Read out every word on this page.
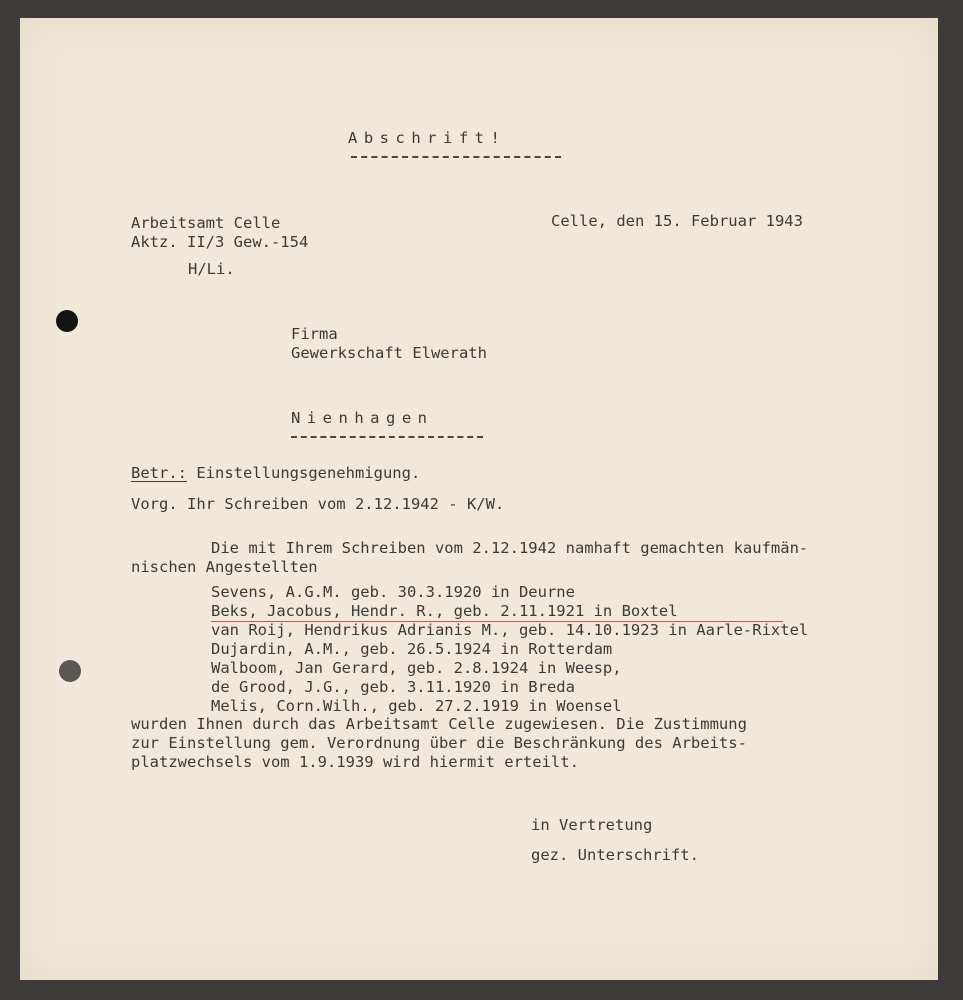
Abschrift!
Arbeitsamt Celle
Aktz. II/3 Gew.-154
H/Li.
Celle, den 15. Februar 1943
Firma
Gewerkschaft Elwerath
Nienhagen
Betr.: Einstellungsgenehmigung.
Vorg. Ihr Schreiben vom 2.12.1942 - K/W.
Die mit Ihrem Schreiben vom 2.12.1942 namhaft gemachten kaufmän-
nischen Angestellten
Sevens, A.G.M. geb. 30.3.1920 in Deurne
Beks, Jacobus, Hendr. R., geb. 2.11.1921 in Boxtel
van Roij, Hendrikus Adrianis M., geb. 14.10.1923 in Aarle-Rixtel
Dujardin, A.M., geb. 26.5.1924 in Rotterdam
Walboom, Jan Gerard, geb. 2.8.1924 in Weesp,
de Grood, J.G., geb. 3.11.1920 in Breda
Melis, Corn.Wilh., geb. 27.2.1919 in Woensel
wurden Ihnen durch das Arbeitsamt Celle zugewiesen. Die Zustimmung
zur Einstellung gem. Verordnung über die Beschränkung des Arbeits-
platzwechsels vom 1.9.1939 wird hiermit erteilt.
in Vertretung
gez. Unterschrift.
